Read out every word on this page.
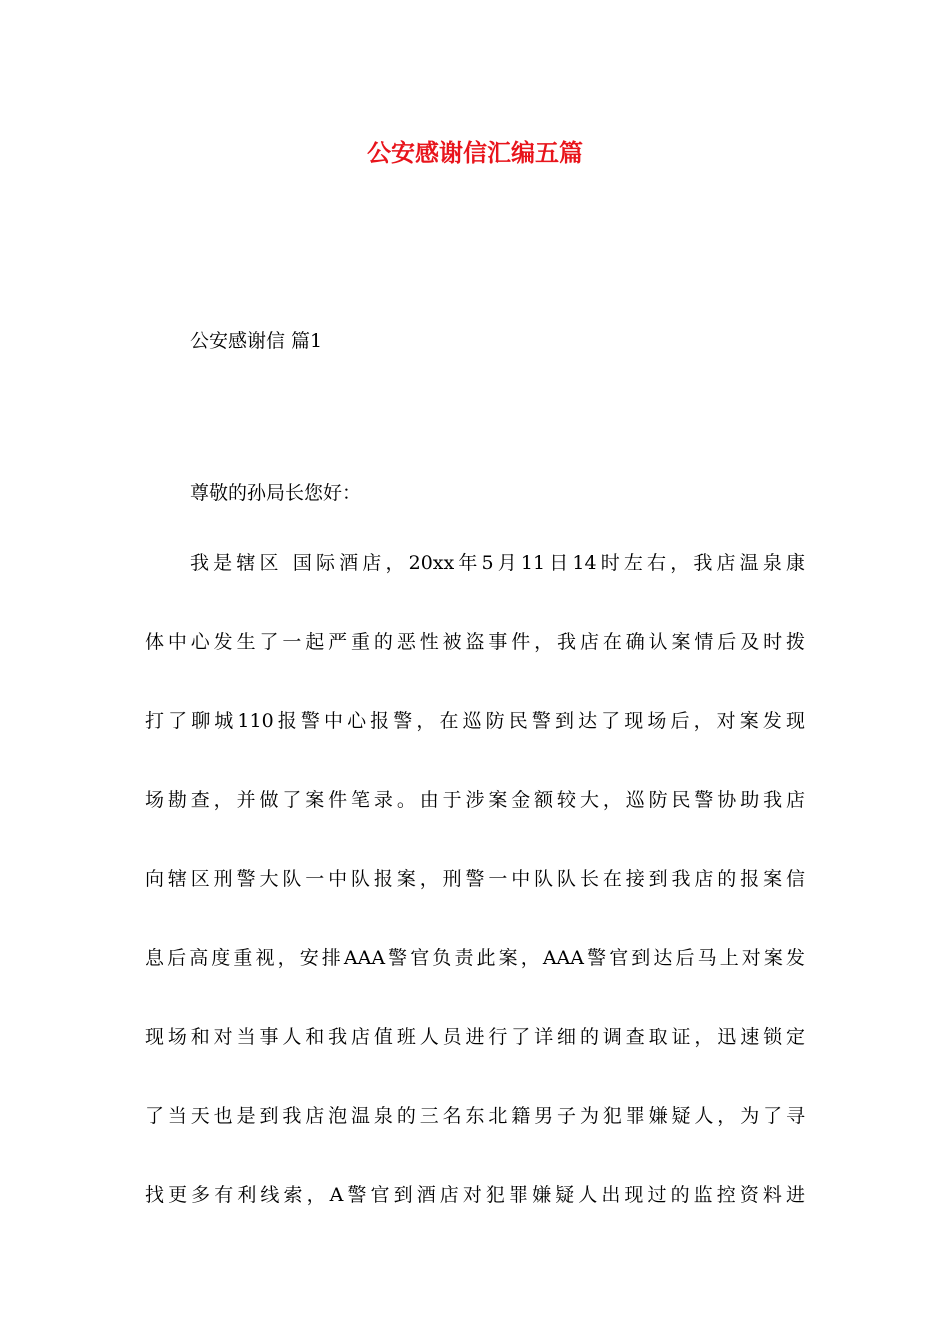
公安感谢信汇编五篇

公安感谢信 篇1

尊敬的孙局长您好：

我是辖区 国际酒店，20xx年5月11日14时左右，我店温泉康
体中心发生了一起严重的恶性被盗事件，我店在确认案情后及时拨
打了聊城110报警中心报警，在巡防民警到达了现场后，对案发现
场勘查，并做了案件笔录。由于涉案金额较大，巡防民警协助我店
向辖区刑警大队一中队报案，刑警一中队队长在接到我店的报案信
息后高度重视，安排AAA警官负责此案，AAA警官到达后马上对案发
现场和对当事人和我店值班人员进行了详细的调查取证，迅速锁定
了当天也是到我店泡温泉的三名东北籍男子为犯罪嫌疑人，为了寻
找更多有利线索，A警官到酒店对犯罪嫌疑人出现过的监控资料进
